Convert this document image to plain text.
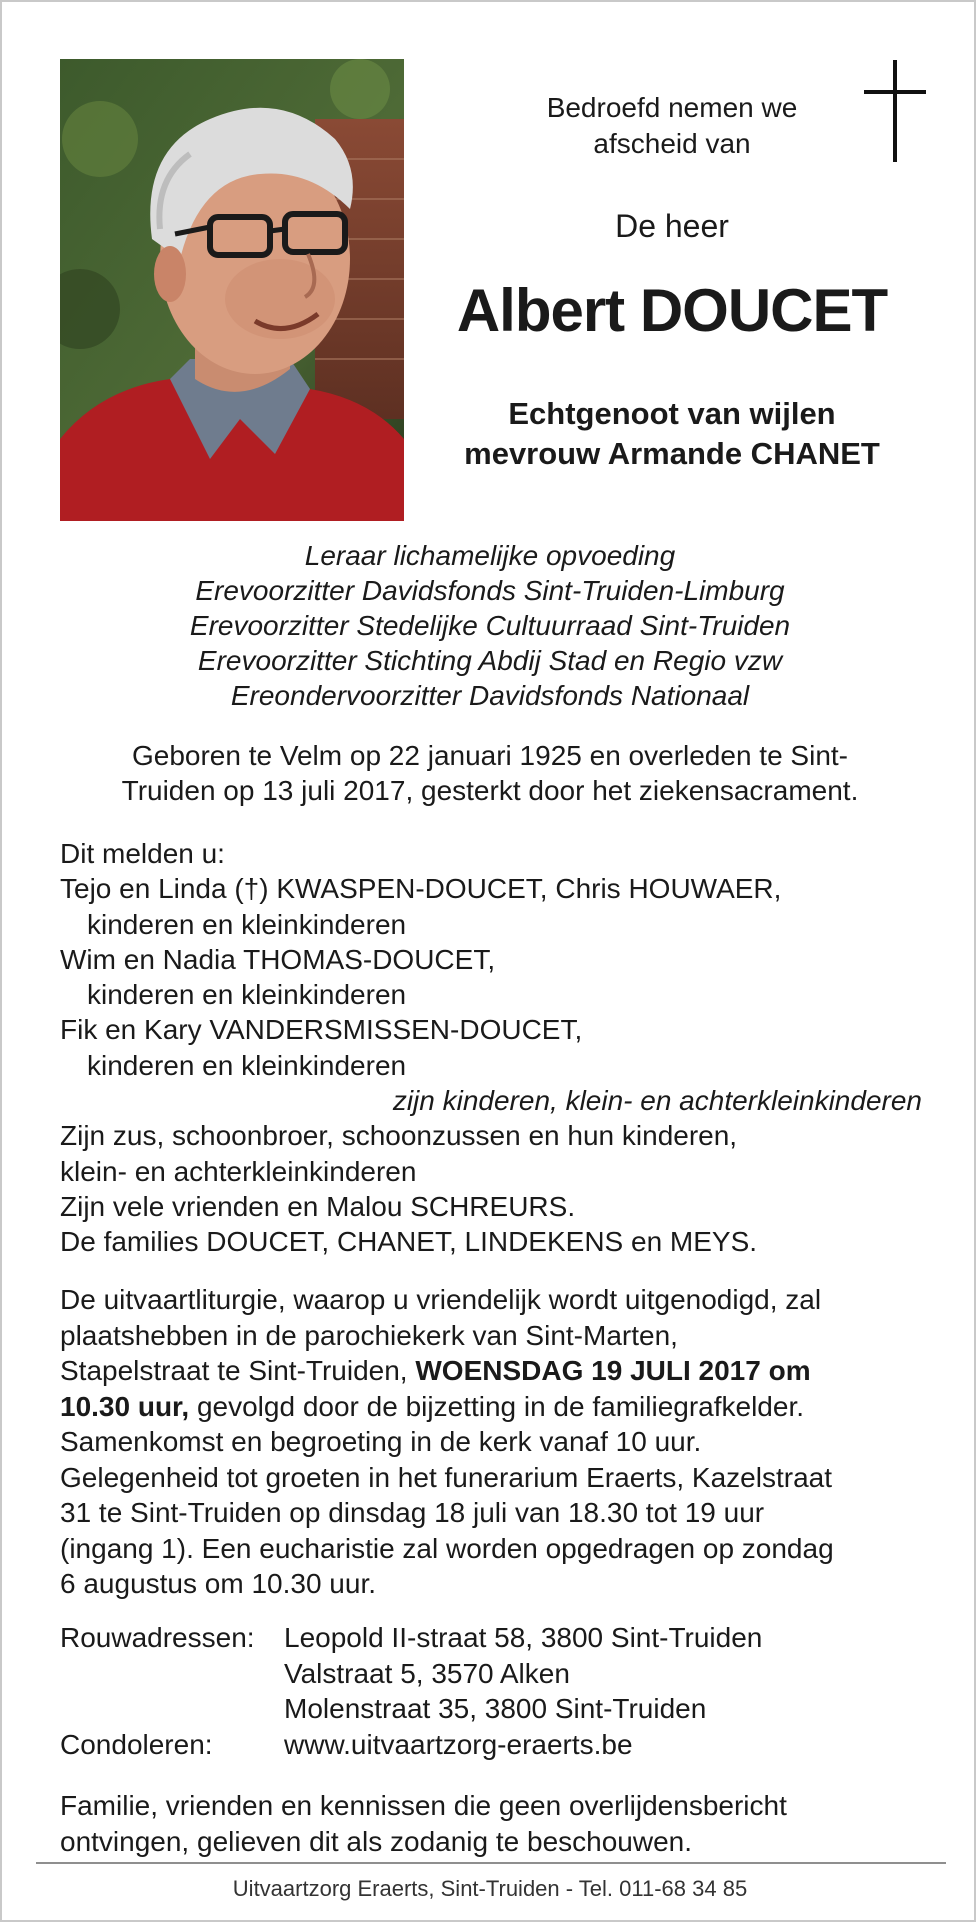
Bedroefd nemen we

afscheid van

De heer

Albert DOUCET

Echtgenoot van wijlen

mevrouw Armande CHANET

Leraar lichamelijke opvoeding
Erevoorzitter Davidsfonds Sint-Truiden-Limburg
Erevoorzitter Stedelijke Cultuurraad Sint-Truiden
Erevoorzitter Stichting Abdij Stad en Regio vzw
Ereondervoorzitter Davidsfonds Nationaal
Geboren te Velm op 22 januari 1925 en overleden te Sint-
Truiden op 13 juli 2017, gesterkt door het ziekensacrament.
Dit melden u:
Tejo en Linda (†) KWASPEN-DOUCET, Chris HOUWAER,
kinderen en kleinkinderen
Wim en Nadia THOMAS-DOUCET,
kinderen en kleinkinderen
Fik en Kary VANDERSMISSEN-DOUCET,
kinderen en kleinkinderen
zijn kinderen, klein- en achterkleinkinderen
Zijn zus, schoonbroer, schoonzussen en hun kinderen,
klein- en achterkleinkinderen
Zijn vele vrienden en Malou SCHREURS.
De families DOUCET, CHANET, LINDEKENS en MEYS.
De uitvaartliturgie, waarop u vriendelijk wordt uitgenodigd, zal
plaatshebben in de parochiekerk van Sint-Marten,
Stapelstraat te Sint-Truiden, WOENSDAG 19 JULI 2017 om
10.30 uur, gevolgd door de bijzetting in de familiegrafkelder.
Samenkomst en begroeting in de kerk vanaf 10 uur.
Gelegenheid tot groeten in het funerarium Eraerts, Kazelstraat
31 te Sint-Truiden op dinsdag 18 juli van 18.30 tot 19 uur
(ingang 1). Een eucharistie zal worden opgedragen op zondag
6 augustus om 10.30 uur.
Rouwadressen:	Leopold II-straat 58, 3800 Sint-Truiden
Valstraat 5, 3570 Alken
Molenstraat 35, 3800 Sint-Truiden
Condoleren:	www.uitvaartzorg-eraerts.be
Familie, vrienden en kennissen die geen overlijdensbericht
ontvingen, gelieven dit als zodanig te beschouwen.
Uitvaartzorg Eraerts, Sint-Truiden - Tel. 011-68 34 85
